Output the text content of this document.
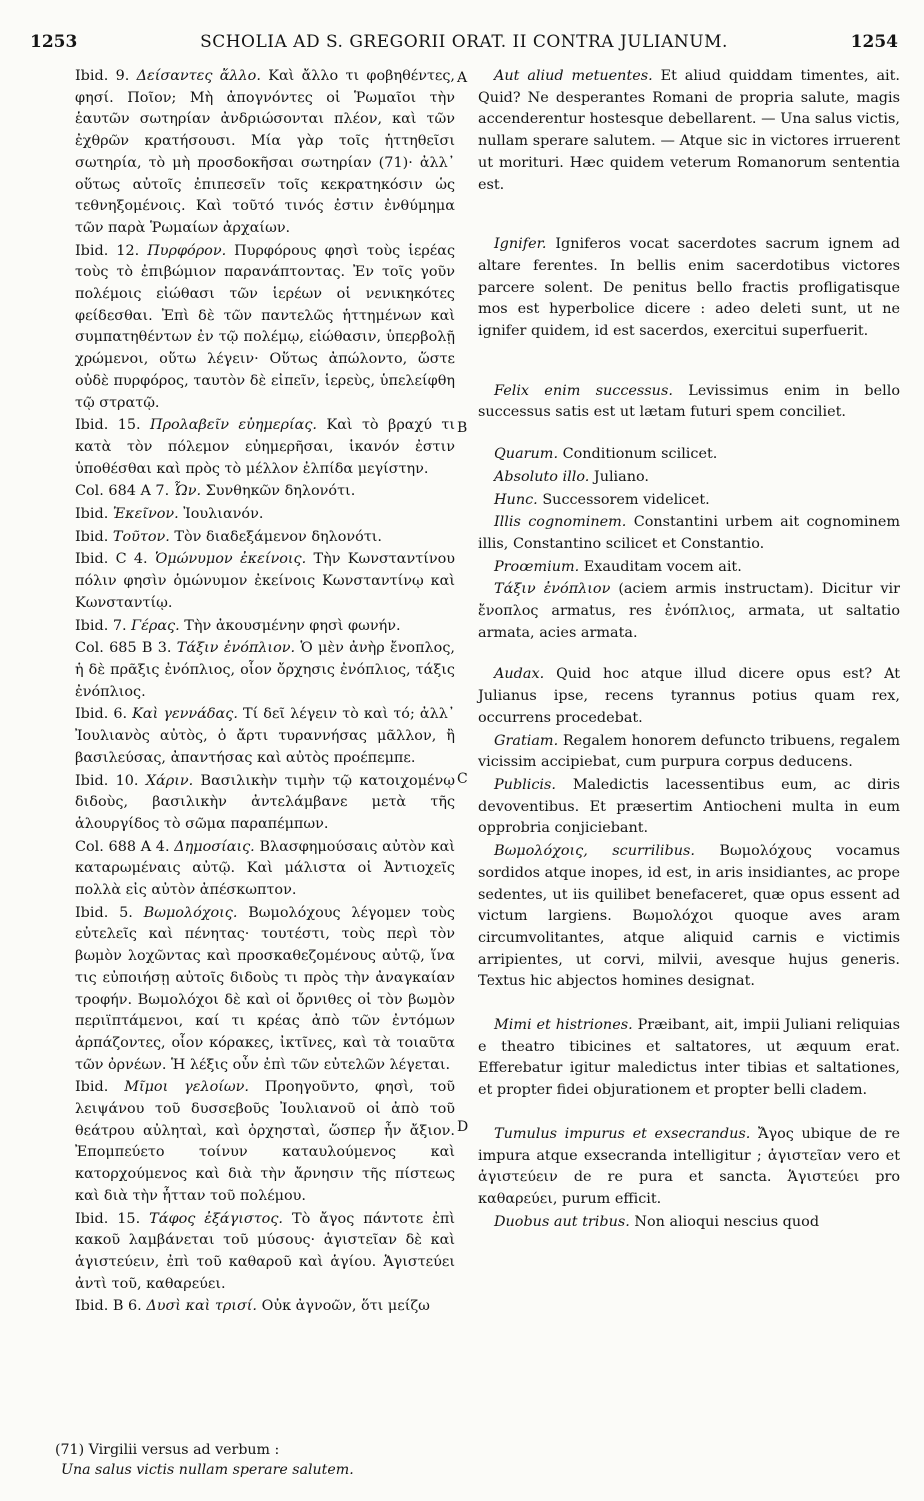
1253	SCHOLIA AD S. GREGORII ORAT. II CONTRA JULIANUM.	1254
A
B
C
D

Ibid. 9. Δείσαντες ἄλλο. Καὶ ἄλλο τι φοβηθέντες, φησί. Ποῖον; Μὴ ἀπογνόντες οἱ Ῥωμαῖοι τὴν ἑαυτῶν σωτηρίαν ἀνδριώσονται πλέον, καὶ τῶν ἐχθρῶν κρατήσουσι. Μία γὰρ τοῖς ἡττηθεῖσι σωτηρία, τὸ μὴ προσδοκῆσαι σωτηρίαν (71)· ἀλλ᾽ οὕτως αὐτοῖς ἐπιπεσεῖν τοῖς κεκρατηκόσιν ὡς τεθνηξομένοις. Καὶ τοῦτό τινός ἐστιν ἐνθύμημα τῶν παρὰ Ῥωμαίων ἀρχαίων.

Ibid. 12. Πυρφόρον. Πυρφόρους φησὶ τοὺς ἱερέας τοὺς τὸ ἐπιβώμιον παρανάπτοντας. Ἐν τοῖς γοῦν πολέμοις εἰώθασι τῶν ἱερέων οἱ νενικηκότες φείδεσθαι. Ἐπὶ δὲ τῶν παντελῶς ἡττημένων καὶ συμπατηθέντων ἐν τῷ πολέμῳ, εἰώθασιν, ὑπερβολῇ χρώμενοι, οὕτω λέγειν· Οὕτως ἀπώλοντο, ὥστε οὐδὲ πυρφόρος, ταυτὸν δὲ εἰπεῖν, ἱερεὺς, ὑπελείφθη τῷ στρατῷ.

Ibid. 15. Προλαβεῖν εὐημερίας. Καὶ τὸ βραχύ τι κατὰ τὸν πόλεμον εὐημερῆσαι, ἱκανόν ἐστιν ὑποθέσθαι καὶ πρὸς τὸ μέλλον ἐλπίδα μεγίστην.

Col. 684 A 7. Ὧν. Συνθηκῶν δηλονότι.

Ibid. Ἐκεῖνον. Ἰουλιανόν.

Ibid. Τοῦτον. Τὸν διαδεξάμενον δηλονότι.

Ibid. C 4. Ὁμώνυμον ἐκείνοις. Τὴν Κωνσταντίνου πόλιν φησὶν ὁμώνυμον ἐκείνοις Κωνσταντίνῳ καὶ Κωνσταντίῳ.

Ibid. 7. Γέρας. Τὴν ἀκουσμένην φησὶ φωνήν.

Col. 685 B 3. Τάξιν ἐνόπλιον. Ὁ μὲν ἀνὴρ ἔνοπλος, ἡ δὲ πρᾶξις ἐνόπλιος, οἷον ὄρχησις ἐνόπλιος, τάξις ἐνόπλιος.

Ibid. 6. Καὶ γεννάδας. Τί δεῖ λέγειν τὸ καὶ τό; ἀλλ᾽ Ἰουλιανὸς αὐτὸς, ὁ ἄρτι τυραννήσας μᾶλλον, ἢ βασιλεύσας, ἀπαντήσας καὶ αὐτὸς προέπεμπε.

Ibid. 10. Χάριν. Βασιλικὴν τιμὴν τῷ κατοιχομένῳ διδοὺς, βασιλικὴν ἀντελάμβανε μετὰ τῆς ἁλουργίδος τὸ σῶμα παραπέμπων.

Col. 688 A 4. Δημοσίαις. Βλασφημούσαις αὐτὸν καὶ καταρωμέναις αὐτῷ. Καὶ μάλιστα οἱ Ἀντιοχεῖς πολλὰ εἰς αὐτὸν ἀπέσκωπτον.

Ibid. 5. Βωμολόχοις. Βωμολόχους λέγομεν τοὺς εὐτελεῖς καὶ πένητας· τουτέστι, τοὺς περὶ τὸν βωμὸν λοχῶντας καὶ προσκαθεζομένους αὐτῷ, ἵνα τις εὐποιήσῃ αὐτοῖς διδοὺς τι πρὸς τὴν ἀναγκαίαν τροφήν. Βωμολόχοι δὲ καὶ οἱ ὄρνιθες οἱ τὸν βωμὸν περιϊπτάμενοι, καί τι κρέας ἀπὸ τῶν ἐντόμων ἁρπάζοντες, οἷον κόρακες, ἰκτῖνες, καὶ τὰ τοιαῦτα τῶν ὀρνέων. Ἡ λέξις οὖν ἐπὶ τῶν εὐτελῶν λέγεται.

Ibid. Μῖμοι γελοίων. Προηγοῦντο, φησὶ, τοῦ λειψάνου τοῦ δυσσεβοῦς Ἰουλιανοῦ οἱ ἀπὸ τοῦ θεάτρου αὐληταὶ, καὶ ὀρχησταὶ, ὥσπερ ἦν ἄξιον. Ἐπομπεύετο τοίνυν καταυλούμενος καὶ κατορχούμενος καὶ διὰ τὴν ἄρνησιν τῆς πίστεως καὶ διὰ τὴν ἧτταν τοῦ πολέμου.

Ibid. 15. Τάφος ἐξάγιστος. Τὸ ἄγος πάντοτε ἐπὶ κακοῦ λαμβάνεται τοῦ μύσους· ἁγιστεῖαν δὲ καὶ ἁγιστεύειν, ἐπὶ τοῦ καθαροῦ καὶ ἁγίου. Ἁγιστεύει ἀντὶ τοῦ, καθαρεύει.

Ibid. B 6. Δυσὶ καὶ τρισί. Οὐκ ἀγνοῶν, ὅτι μείζω

Aut aliud metuentes. Et aliud quiddam timentes, ait. Quid? Ne desperantes Romani de propria salute, magis accenderentur hostesque debellarent. — Una salus victis, nullam sperare salutem. — Atque sic in victores irruerent ut morituri. Hæc quidem veterum Romanorum sententia est.

Ignifer. Igniferos vocat sacerdotes sacrum ignem ad altare ferentes. In bellis enim sacerdotibus victores parcere solent. De penitus bello fractis profligatisque mos est hyperbolice dicere : adeo deleti sunt, ut ne ignifer quidem, id est sacerdos, exercitui superfuerit.

Felix enim successus. Levissimus enim in bello successus satis est ut lætam futuri spem conciliet.

Quarum. Conditionum scilicet.

Absoluto illo. Juliano.

Hunc. Successorem videlicet.

Illis cognominem. Constantini urbem ait cognominem illis, Constantino scilicet et Constantio.

Proœmium. Exauditam vocem ait.

Τάξιν ἐνόπλιον (aciem armis instructam). Dicitur vir ἔνοπλος armatus, res ἐνόπλιος, armata, ut saltatio armata, acies armata.

Audax. Quid hoc atque illud dicere opus est? At Julianus ipse, recens tyrannus potius quam rex, occurrens procedebat.

Gratiam. Regalem honorem defuncto tribuens, regalem vicissim accipiebat, cum purpura corpus deducens.

Publicis. Maledictis lacessentibus eum, ac diris devoventibus. Et præsertim Antiocheni multa in eum opprobria conjiciebant.

Βωμολόχοις, scurrilibus. Βωμολόχους vocamus sordidos atque inopes, id est, in aris insidiantes, ac prope sedentes, ut iis quilibet benefaceret, quæ opus essent ad victum largiens. Βωμολόχοι quoque aves aram circumvolitantes, atque aliquid carnis e victimis arripientes, ut corvi, milvii, avesque hujus generis. Textus hic abjectos homines designat.

Mimi et histriones. Præibant, ait, impii Juliani reliquias e theatro tibicines et saltatores, ut æquum erat. Efferebatur igitur maledictus inter tibias et saltationes, et propter fidei objurationem et propter belli cladem.

Tumulus impurus et exsecrandus. Ἄγος ubique de re impura atque exsecranda intelligitur ; ἁγιστεῖαν vero et ἁγιστεύειν de re pura et sancta. Ἁγιστεύει pro καθαρεύει, purum efficit.

Duobus aut tribus. Non alioqui nescius quod

(71) Virgilii versus ad verbum :
Una salus victis nullam sperare salutem.
